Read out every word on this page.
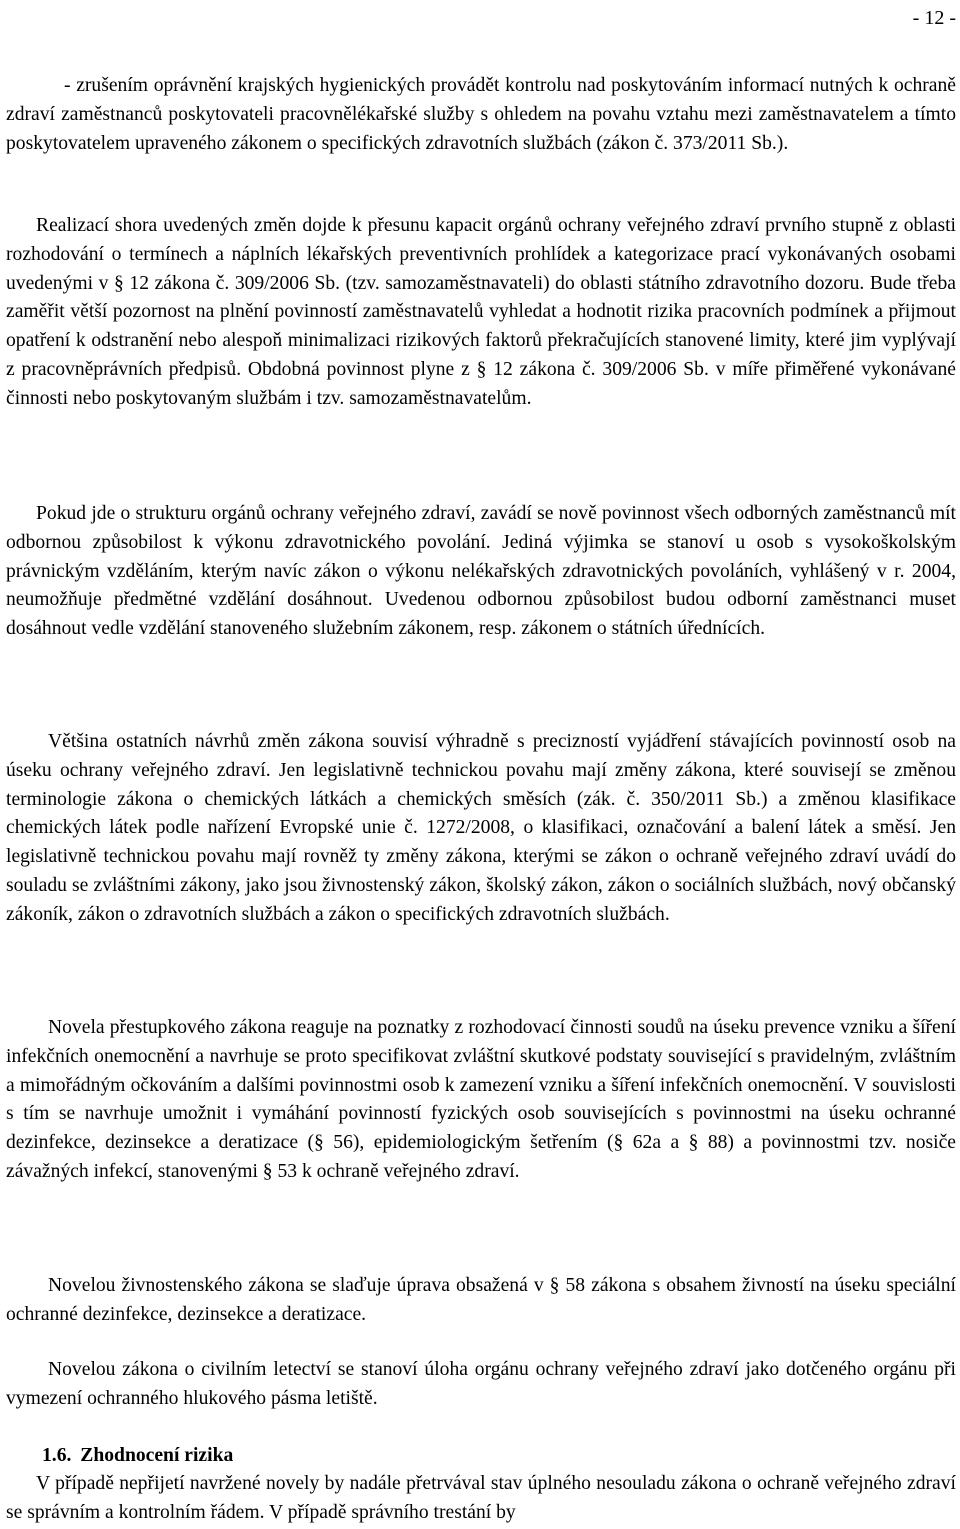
- 12 -

- zrušením oprávnění krajských hygienických provádět kontrolu nad poskytováním informací nutných k ochraně zdraví zaměstnanců poskytovateli pracovnělékařské služby s ohledem na povahu vztahu mezi zaměstnavatelem a tímto poskytovatelem upraveného zákonem o specifických zdravotních službách (zákon č. 373/2011 Sb.).

Realizací shora uvedených změn dojde k přesunu kapacit orgánů ochrany veřejného zdraví prvního stupně z oblasti rozhodování o termínech a náplních lékařských preventivních prohlídek a kategorizace prací vykonávaných osobami uvedenými v § 12 zákona č. 309/2006 Sb. (tzv. samozaměstnavateli) do oblasti státního zdravotního dozoru. Bude třeba zaměřit větší pozornost na plnění povinností zaměstnavatelů vyhledat a hodnotit rizika pracovních podmínek a přijmout opatření k odstranění nebo alespoň minimalizaci rizikových faktorů překračujících stanovené limity, které jim vyplývají z pracovněprávních předpisů. Obdobná povinnost plyne z § 12 zákona č. 309/2006 Sb. v míře přiměřené vykonávané činnosti nebo poskytovaným službám i tzv. samozaměstnavatelům.

Pokud jde o strukturu orgánů ochrany veřejného zdraví, zavádí se nově povinnost všech odborných zaměstnanců mít odbornou způsobilost k výkonu zdravotnického povolání. Jediná výjimka se stanoví u osob s vysokoškolským právnickým vzděláním, kterým navíc zákon o výkonu nelékařských zdravotnických povoláních, vyhlášený v r. 2004, neumožňuje předmětné vzdělání dosáhnout. Uvedenou odbornou způsobilost budou odborní zaměstnanci muset dosáhnout vedle vzdělání stanoveného služebním zákonem, resp. zákonem o státních úřednících.

Většina ostatních návrhů změn zákona souvisí výhradně s precizností vyjádření stávajících povinností osob na úseku ochrany veřejného zdraví. Jen legislativně technickou povahu mají změny zákona, které souvisejí se změnou terminologie zákona o chemických látkách a chemických směsích (zák. č. 350/2011 Sb.) a změnou klasifikace chemických látek podle nařízení Evropské unie č. 1272/2008, o klasifikaci, označování a balení látek a směsí. Jen legislativně technickou povahu mají rovněž ty změny zákona, kterými se zákon o ochraně veřejného zdraví uvádí do souladu se zvláštními zákony, jako jsou živnostenský zákon, školský zákon, zákon o sociálních službách, nový občanský zákoník, zákon o zdravotních službách a zákon o specifických zdravotních službách.

Novela přestupkového zákona reaguje na poznatky z rozhodovací činnosti soudů na úseku prevence vzniku a šíření infekčních onemocnění a navrhuje se proto specifikovat zvláštní skutkové podstaty související s pravidelným, zvláštním a mimořádným očkováním a dalšími povinnostmi osob k zamezení vzniku a šíření infekčních onemocnění. V souvislosti s tím se navrhuje umožnit i vymáhání povinností fyzických osob souvisejících s povinnostmi na úseku ochranné dezinfekce, dezinsekce a deratizace (§ 56), epidemiologickým šetřením (§ 62a a § 88) a povinnostmi tzv. nosiče závažných infekcí, stanovenými § 53 k ochraně veřejného zdraví.

Novelou živnostenského zákona se slaďuje úprava obsažená v § 58 zákona s obsahem živností na úseku speciální ochranné dezinfekce, dezinsekce a deratizace.

Novelou zákona o civilním letectví se stanoví úloha orgánu ochrany veřejného zdraví jako dotčeného orgánu při vymezení ochranného hlukového pásma letiště.

1.6. Zhodnocení rizika

V případě nepřijetí navržené novely by nadále přetrvával stav úplného nesouladu zákona o ochraně veřejného zdraví se správním a kontrolním řádem. V případě správního trestání by
